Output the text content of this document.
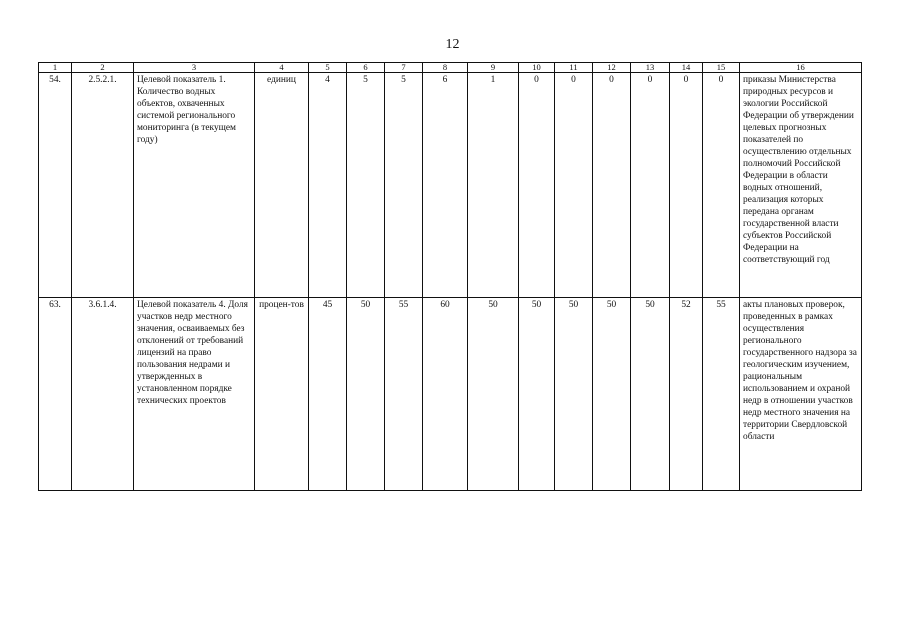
12
1	2	3	4	5	6	7	8	9	10	11	12	13	14	15	16
54.	2.5.2.1.	Целевой показатель 1. Количество водных объектов, охваченных системой регионального мониторинга (в текущем году)	единиц	4	5	5	6	1	0	0	0	0	0	0	приказы Министерства природных ресурсов и экологии Российской Федерации об утверждении целевых прогнозных показателей по осуществлению отдельных полномочий Российской Федерации в области водных отношений, реализация которых передана органам государственной власти субъектов Российской Федерации на соответствующий год
63.	3.6.1.4.	Целевой показатель 4. Доля участков недр местного значения, осваиваемых без отклонений от требований лицензий на право пользования недрами и утвержденных в установленном порядке технических проектов	процен-тов	45	50	55	60	50	50	50	50	50	52	55	акты плановых проверок, проведенных в рамках осуществления регионального государственного надзора за геологическим изучением, рациональным использованием и охраной недр в отношении участков недр местного значения на территории Свердловской области
